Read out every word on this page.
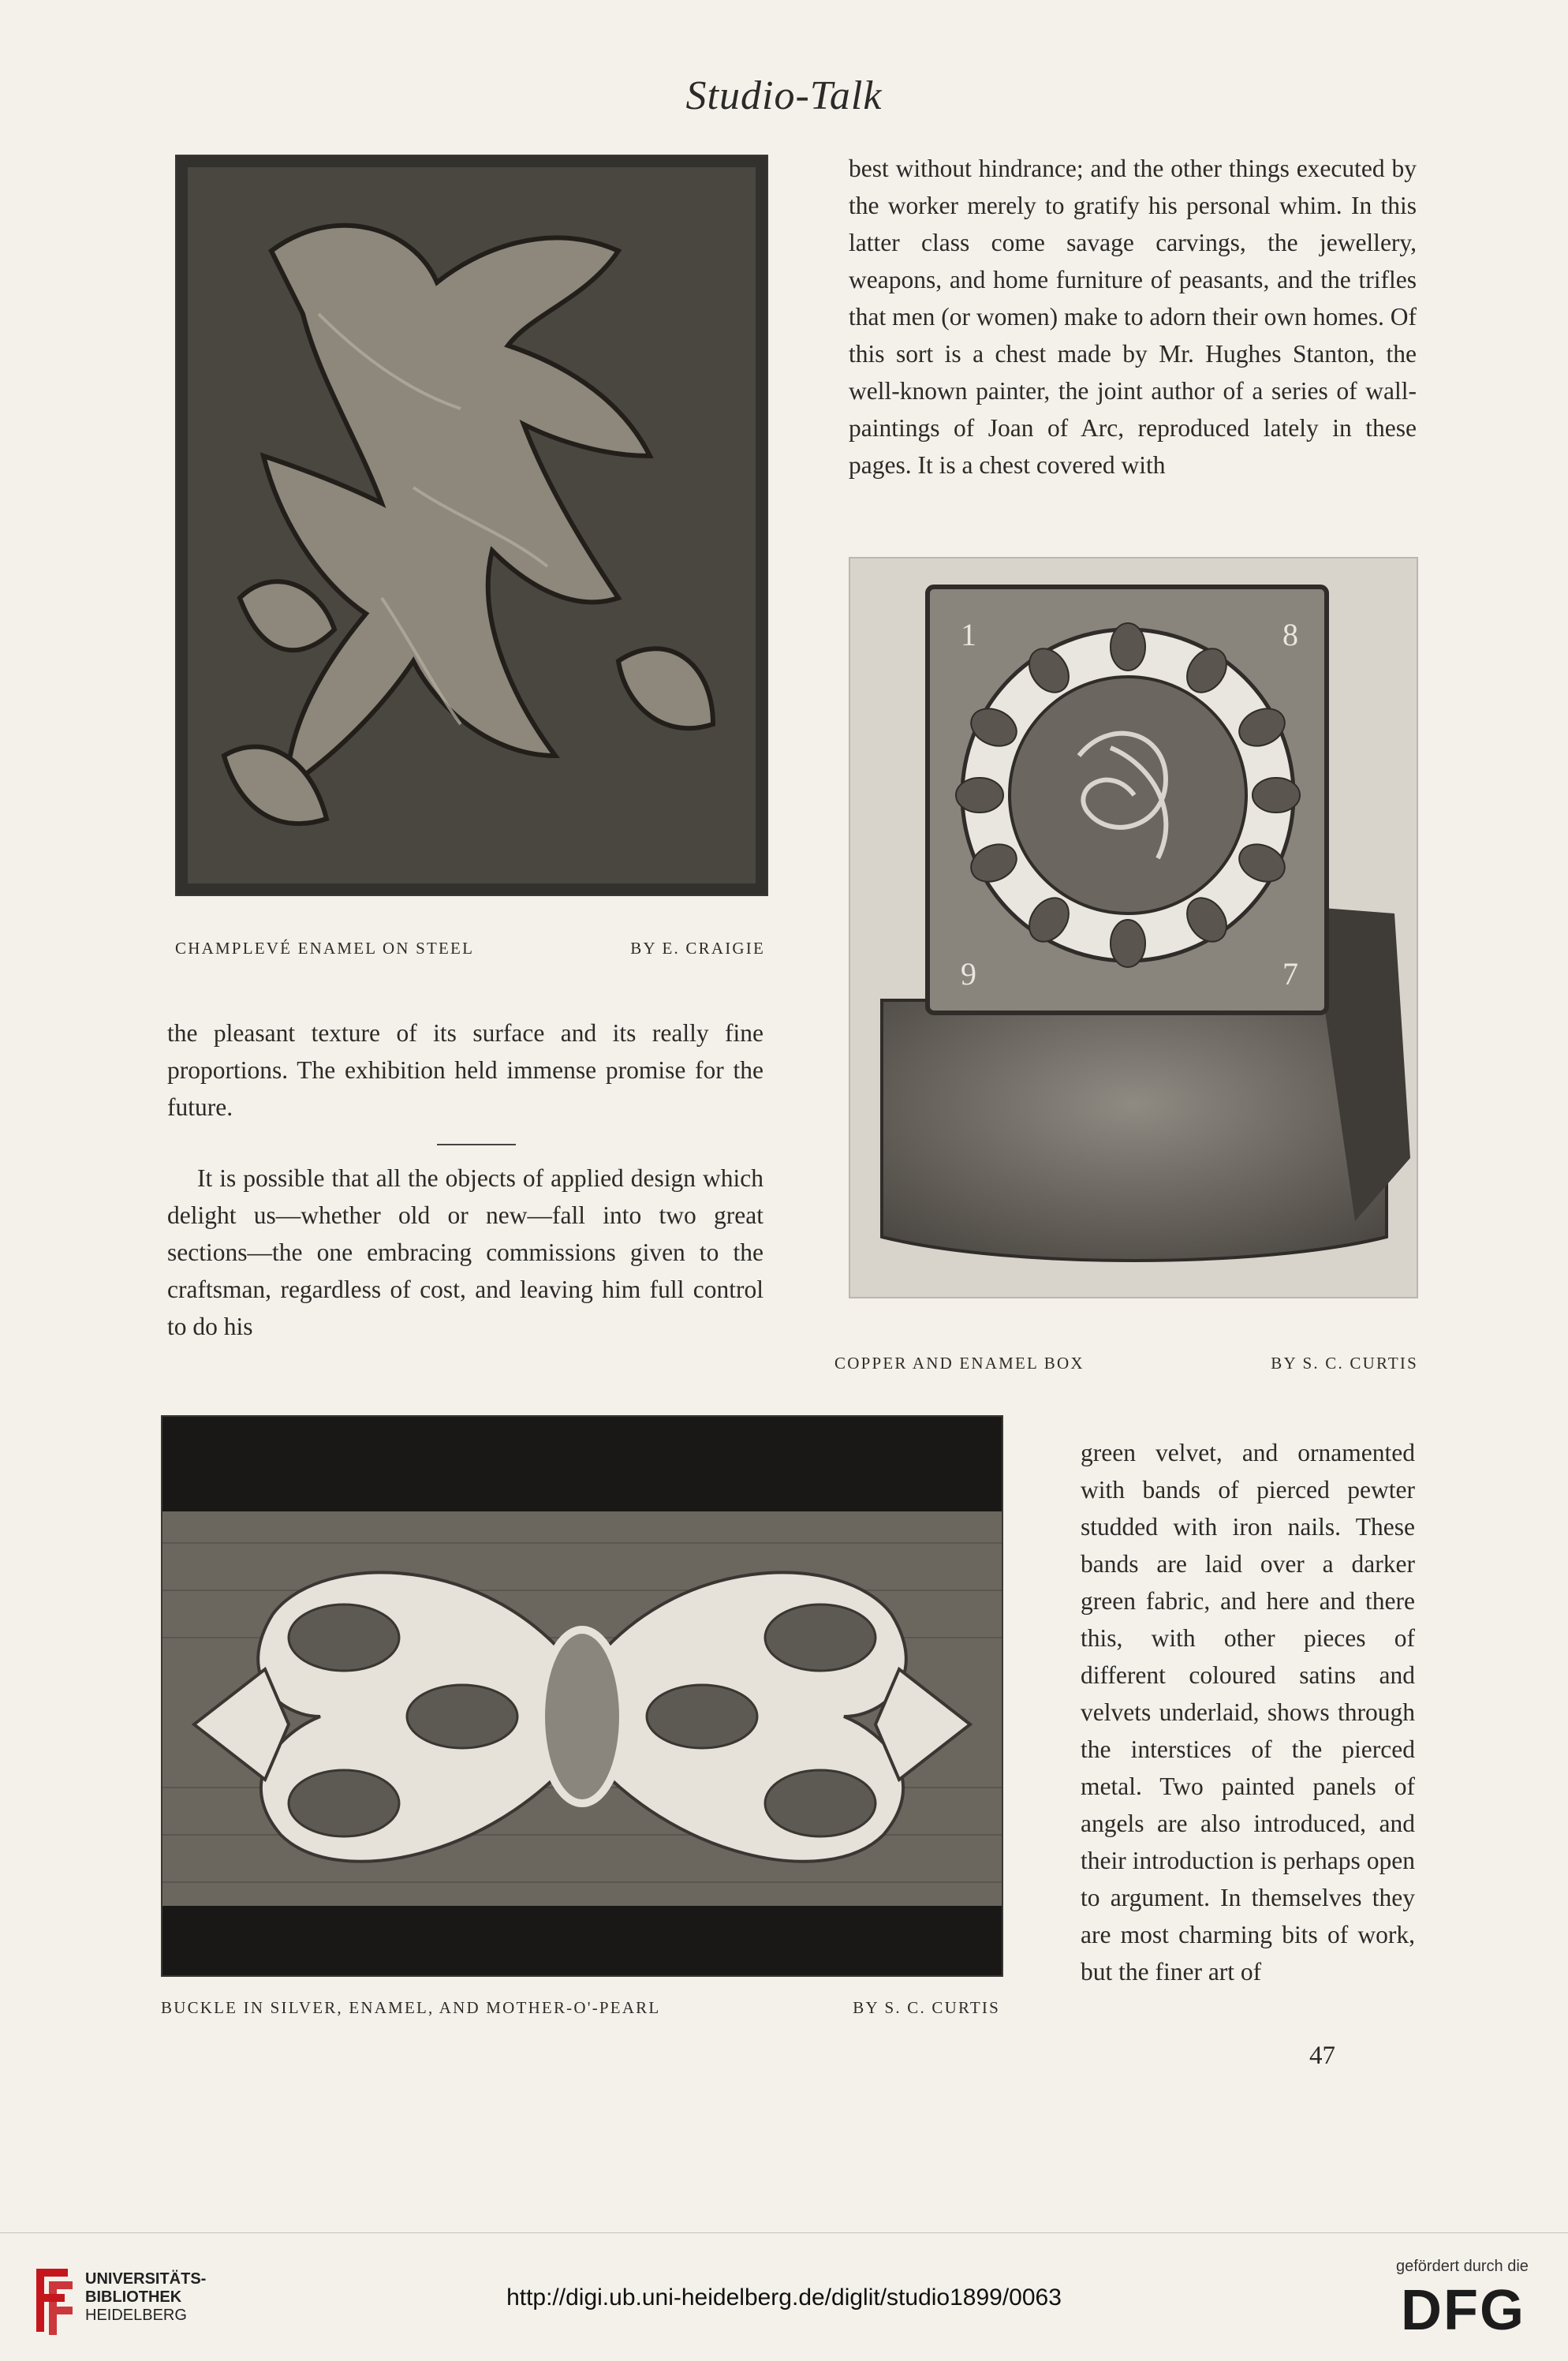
Studio-Talk
CHAMPLEVÉ ENAMEL ON STEEL	BY E. CRAIGIE

the pleasant texture of its surface and its really fine proportions. The exhibition held immense promise for the future.

It is possible that all the objects of applied design which delight us—whether old or new—fall into two great sections—the one embracing commissions given to the craftsman, regardless of cost, and leaving him full control to do his

best without hindrance; and the other things executed by the worker merely to gratify his personal whim. In this latter class come savage carvings, the jewellery, weapons, and home furniture of peasants, and the trifles that men (or women) make to adorn their own homes. Of this sort is a chest made by Mr. Hughes Stanton, the well-known painter, the joint author of a series of wall-paintings of Joan of Arc, reproduced lately in these pages. It is a chest covered with

1	8
9	7
COPPER AND ENAMEL BOX	BY S. C. CURTIS
BUCKLE IN SILVER, ENAMEL, AND MOTHER-O'-PEARL	BY S. C. CURTIS

green velvet, and ornamented with bands of pierced pewter studded with iron nails. These bands are laid over a darker green fabric, and here and there this, with other pieces of different coloured satins and velvets underlaid, shows through the interstices of the pierced metal. Two painted panels of angels are also introduced, and their introduction is perhaps open to argument. In themselves they are most charming bits of work, but the finer art of

47
UNIVERSITÄTS-
BIBLIOTHEK
HEIDELBERG
http://digi.ub.uni-heidelberg.de/diglit/studio1899/0063
gefördert durch die
DFG
